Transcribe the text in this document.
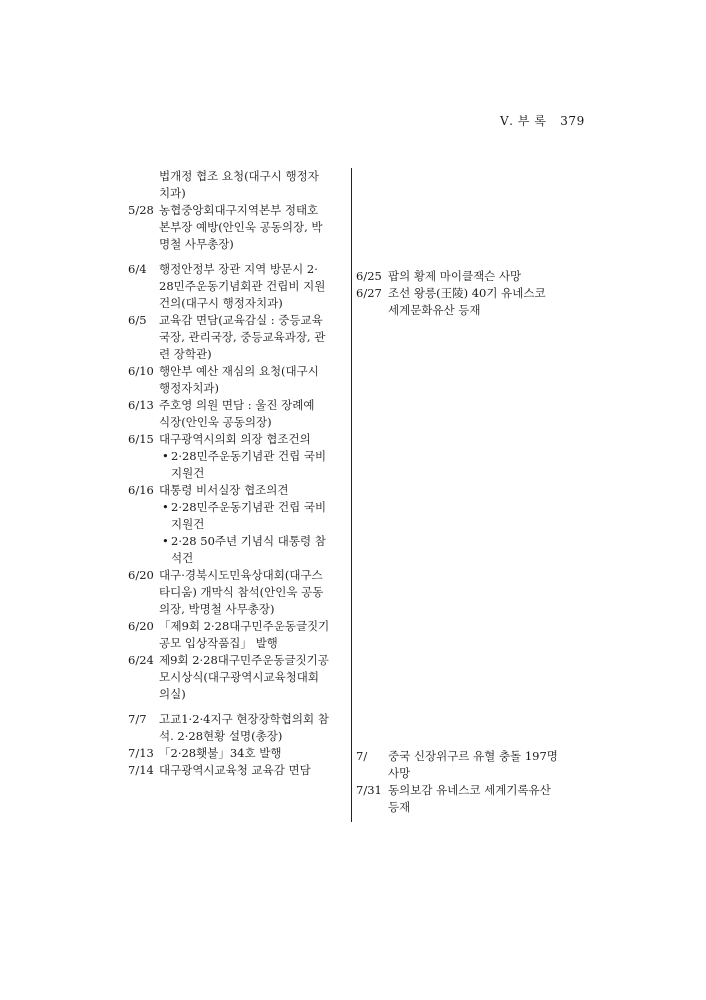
Ⅴ. 부 록 379
법개정 협조 요청(대구시 행정자
치과)
5/28 농협중앙회대구지역본부 정태호
본부장 예방(안인욱 공동의장, 박
명철 사무총장)
6/4	행정안정부 장관 지역 방문시 2·
28민주운동기념회관 건립비 지원
건의(대구시 행정자치과)
6/5	교육감 면담(교육감실 : 중등교육
국장, 관리국장, 중등교육과장, 관
련 장학관)
6/10 행안부 예산 재심의 요청(대구시
행정자치과)
6/13 주호영 의원 면담 : 울진 장례예
식장(안인욱 공동의장)
6/15 대구광역시의회 의장 협조건의
• 2·28민주운동기념관 건립 국비
지원건
6/16 대통령 비서실장 협조의견
• 2·28민주운동기념관 건립 국비
지원건
• 2·28 50주년 기념식 대통령 참
석건
6/20 대구·경북시도민육상대회(대구스
타디움) 개막식 참석(안인욱 공동
의장, 박명철 사무총장)
6/20 「제9회 2·28대구민주운동글짓기
공모 입상작품집」 발행
6/24 제9회 2·28대구민주운동글짓기공
모시상식(대구광역시교육청대회
의실)
7/7	고교1·2·4지구 현장장학협의회 참
석. 2·28현황 설명(총장)
7/13 「2·28횃불」34호 발행
7/14 대구광역시교육청 교육감 면담
6/25 팝의 황제 마이클잭슨 사망
6/27 조선 왕릉(王陵) 40기 유네스코
세계문화유산 등재
7/	중국 신장위구르 유혈 충돌 197명
사망
7/31 동의보감 유네스코 세계기록유산
등재
